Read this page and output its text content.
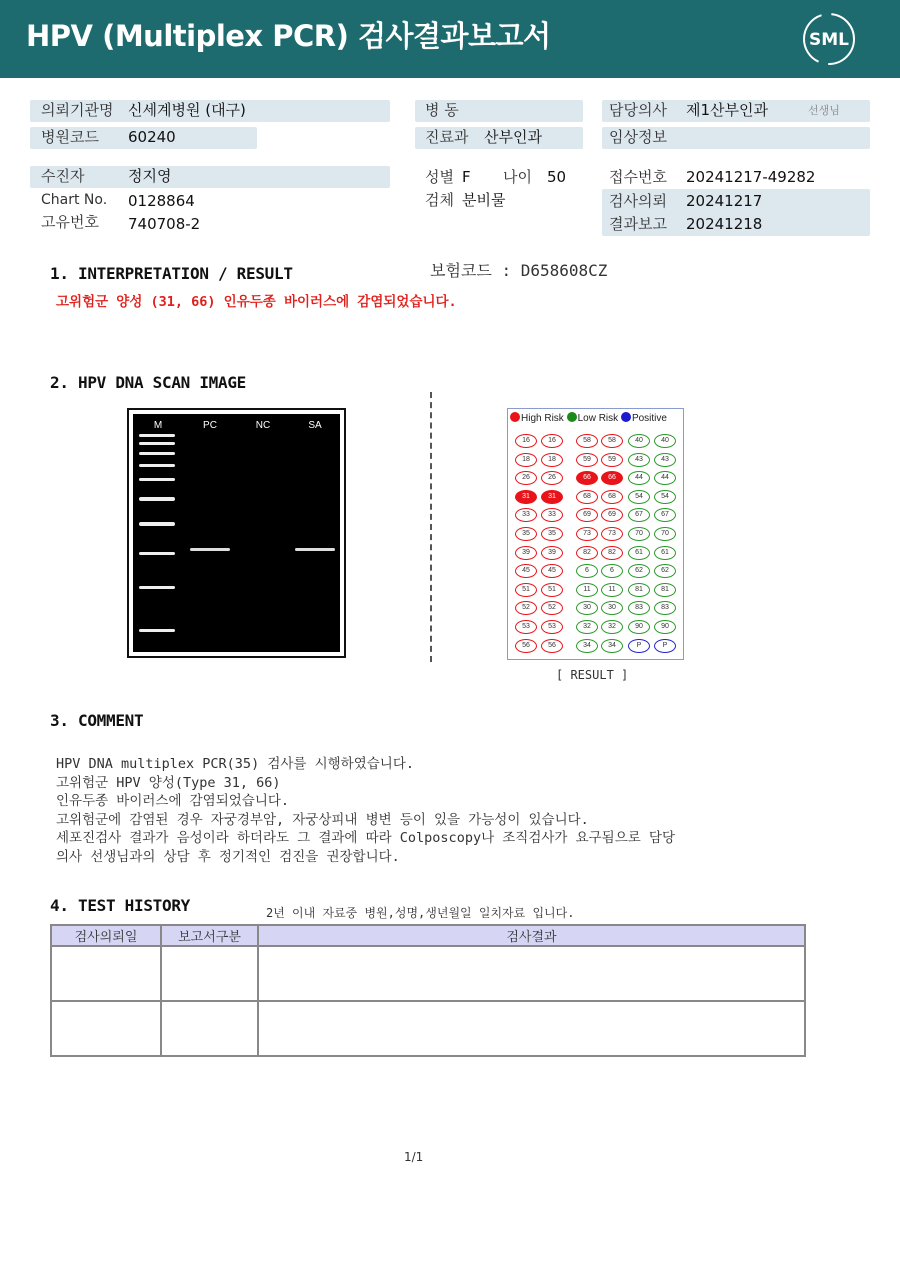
HPV (Multiplex PCR) 검사결과보고서	SML
의뢰기관명 신세계병원 (대구)
병원코드 60240
병 동
진료과 산부인과
담당의사 제1산부인과	선생님
임상정보
수진자	정지영
Chart No. 0128864
고유번호 740708-2
성별 F 나이 50
검체 분비물
접수번호 20241217-49282
검사의뢰 20241217
결과보고 20241218
1. INTERPRETATION / RESULT	보험코드 : D658608CZ
고위험군 양성 (31, 66) 인유두종 바이러스에 감염되었습니다.
2. HPV DNA SCAN IMAGE
M	PC	NC	SA
High Risk Low Risk Positive
16	16
18	18
26	26
31	31
33	33
35	35
39	39
45	45
51	51
52	52
53	53
56	56
58	58
59	59
66	66
68	68
69	69
73	73
82	82
6	6
11	11
30	30
32	32
34	34
40	40
43	43
44	44
54	54
67	67
70	70
61	61
62	62
81	81
83	83
90	90
P	P
[ RESULT ]
3. COMMENT
HPV DNA multiplex PCR(35) 검사를 시행하였습니다.
고위험군 HPV 양성(Type 31, 66)
인유두종 바이러스에 감염되었습니다.
고위험군에 감염된 경우 자궁경부암, 자궁상피내 병변 등이 있을 가능성이 있습니다.
세포진검사 결과가 음성이라 하더라도 그 결과에 따라 Colposcopy나 조직검사가 요구됨으로 담당
의사 선생님과의 상담 후 정기적인 검진을 권장합니다.
4. TEST HISTORY	2년 이내 자료중 병원,성명,생년월일 일치자료 입니다.
검사의뢰일	보고서구분	검사결과

1/1
